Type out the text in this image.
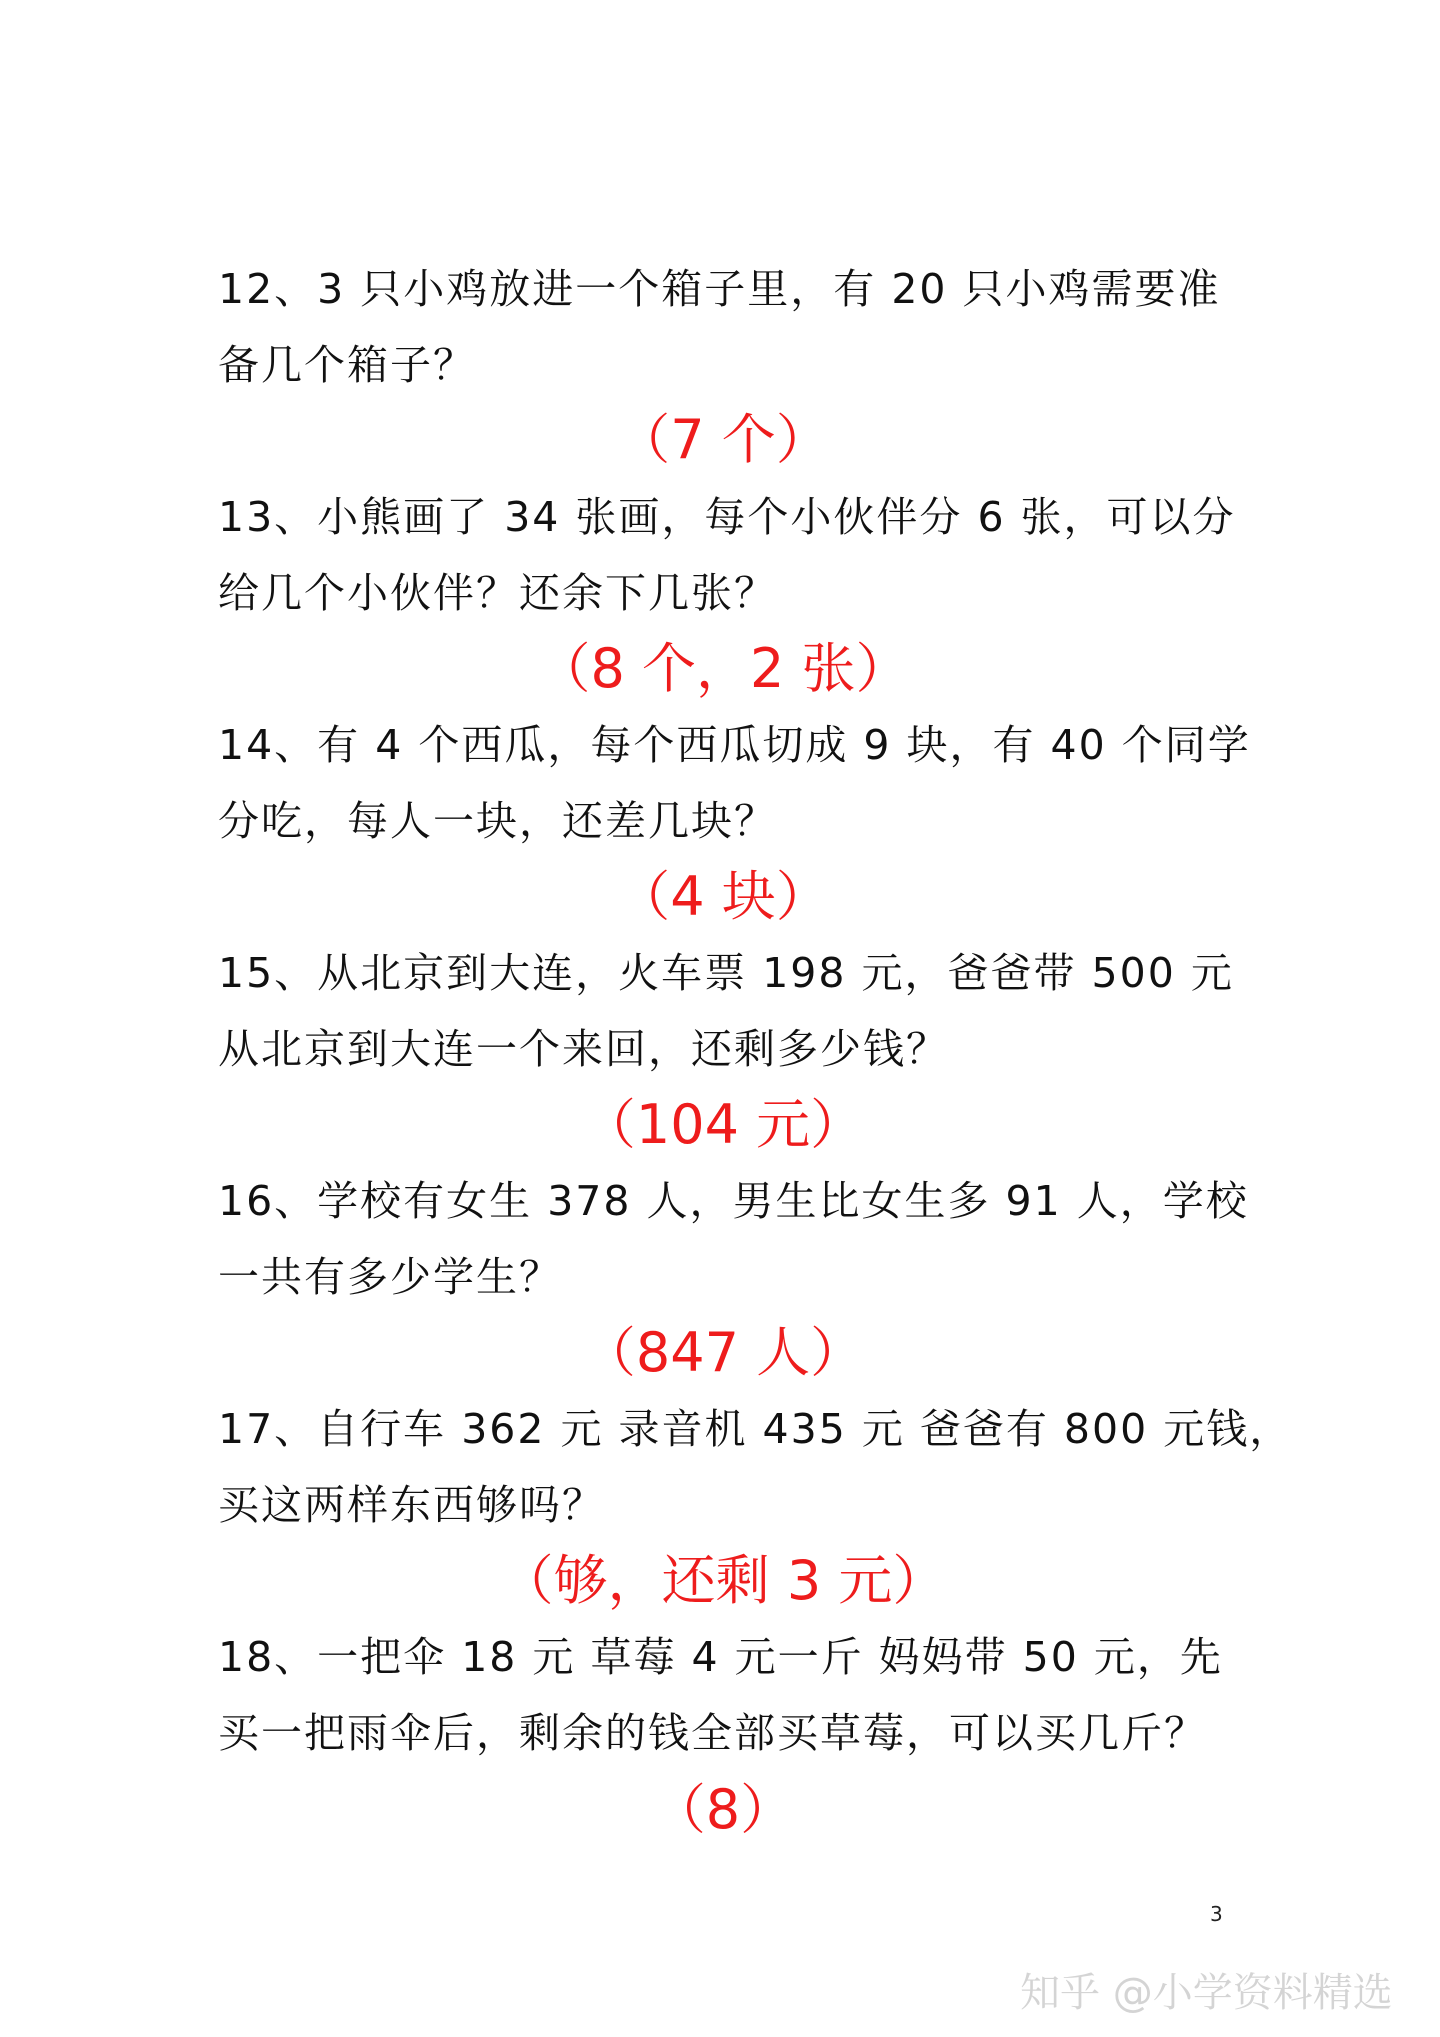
12、3 只小鸡放进一个箱子里，有 20 只小鸡需要准
备几个箱子？
（7 个）
13、小熊画了 34 张画，每个小伙伴分 6 张，可以分
给几个小伙伴？还余下几张？
（8 个，2 张）
14、有 4 个西瓜，每个西瓜切成 9 块，有 40 个同学
分吃，每人一块，还差几块？
（4 块）
15、从北京到大连，火车票 198 元，爸爸带 500 元
从北京到大连一个来回，还剩多少钱？
（104 元）
16、学校有女生 378 人，男生比女生多 91 人，学校
一共有多少学生？
（847 人）
17、自行车 362 元 录音机 435 元 爸爸有 800 元钱，
买这两样东西够吗？
（够，还剩 3 元）
18、一把伞 18 元 草莓 4 元一斤 妈妈带 50 元，先
买一把雨伞后，剩余的钱全部买草莓，可以买几斤？
（8）
3
知乎 @小学资料精选
